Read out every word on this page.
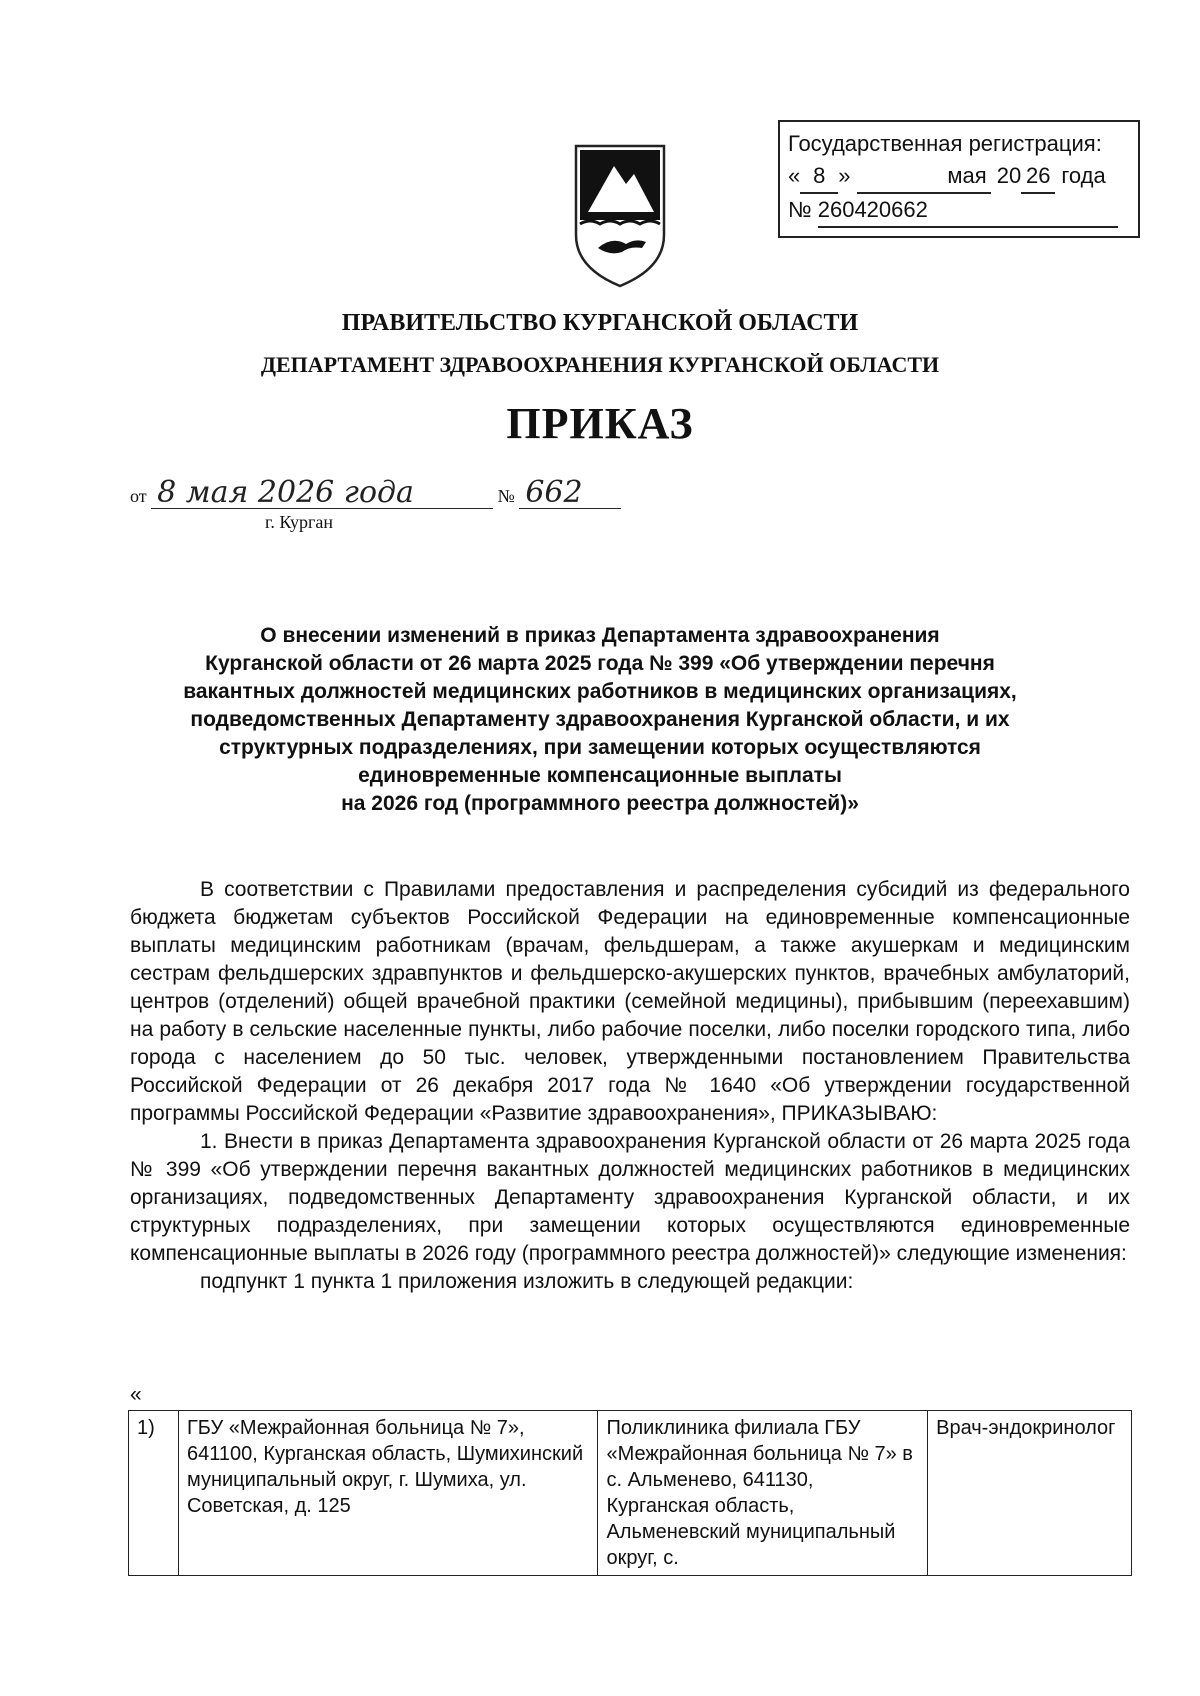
Государственная регистрация:
« 8 »	мая 20 26 года
№ 260420662
ПРАВИТЕЛЬСТВО КУРГАНСКОЙ ОБЛАСТИ
ДЕПАРТАМЕНТ ЗДРАВООХРАНЕНИЯ КУРГАНСКОЙ ОБЛАСТИ
ПРИКАЗ
от 8 мая 2026 года	№ 662
г. Курган
О внесении изменений в приказ Департамента здравоохранения
Курганской области от 26 марта 2025 года № 399 «Об утверждении перечня
вакантных должностей медицинских работников в медицинских организациях,
подведомственных Департаменту здравоохранения Курганской области, и их
структурных подразделениях, при замещении которых осуществляются
единовременные компенсационные выплаты
на 2026 год (программного реестра должностей)»

В соответствии с Правилами предоставления и распределения субсидий из федерального бюджета бюджетам субъектов Российской Федерации на единовременные компенсационные выплаты медицинским работникам (врачам, фельдшерам, а также акушеркам и медицинским сестрам фельдшерских здравпунктов и фельдшерско-акушерских пунктов, врачебных амбулаторий, центров (отделений) общей врачебной практики (семейной медицины), прибывшим (переехавшим) на работу в сельские населенные пункты, либо рабочие поселки, либо поселки городского типа, либо города с населением до 50 тыс. человек, утвержденными постановлением Правительства Российской Федерации от 26 декабря 2017 года № 1640 «Об утверждении государственной программы Российской Федерации «Развитие здравоохранения», ПРИКАЗЫВАЮ:

1. Внести в приказ Департамента здравоохранения Курганской области от 26 марта 2025 года № 399 «Об утверждении перечня вакантных должностей медицинских работников в медицинских организациях, подведомственных Департаменту здравоохранения Курганской области, и их структурных подразделениях, при замещении которых осуществляются единовременные компенсационные выплаты в 2026 году (программного реестра должностей)» следующие изменения:

подпункт 1 пункта 1 приложения изложить в следующей редакции:

«
1)	ГБУ «Межрайонная больница № 7», 641100, Курганская область, Шумихинский муниципальный округ, г. Шумиха, ул. Советская, д. 125	Поликлиника филиала ГБУ «Межрайонная больница № 7» в с. Альменево, 641130, Курганская область, Альменевский муниципальный округ, с.	Врач-эндокринолог
